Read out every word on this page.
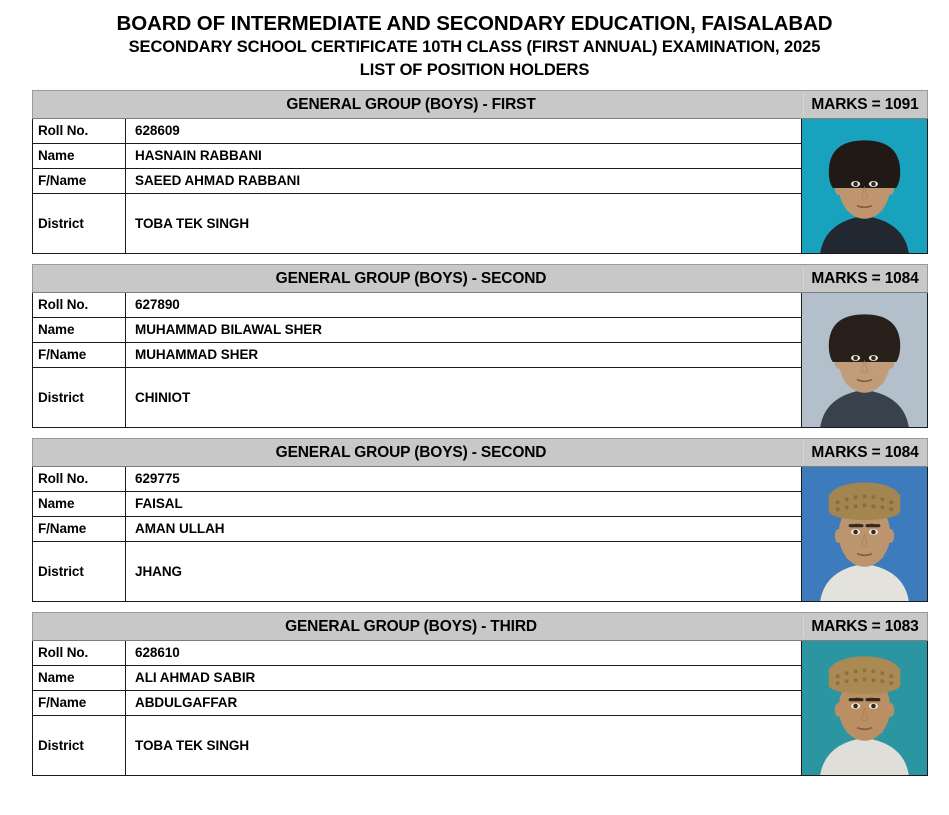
BOARD OF INTERMEDIATE AND SECONDARY EDUCATION, FAISALABAD
SECONDARY SCHOOL CERTIFICATE 10TH CLASS (FIRST ANNUAL) EXAMINATION, 2025
LIST OF POSITION HOLDERS
GENERAL GROUP (BOYS) - FIRST	MARKS = 1091
Roll No.	628609
Name	HASNAIN RABBANI
F/Name	SAEED AHMAD RABBANI
District	TOBA TEK SINGH
GENERAL GROUP (BOYS) - SECOND	MARKS = 1084
Roll No.	627890
Name	MUHAMMAD BILAWAL SHER
F/Name	MUHAMMAD SHER
District	CHINIOT
GENERAL GROUP (BOYS) - SECOND	MARKS = 1084
Roll No.	629775
Name	FAISAL
F/Name	AMAN ULLAH
District	JHANG
GENERAL GROUP (BOYS) - THIRD	MARKS = 1083
Roll No.	628610
Name	ALI AHMAD SABIR
F/Name	ABDULGAFFAR
District	TOBA TEK SINGH
